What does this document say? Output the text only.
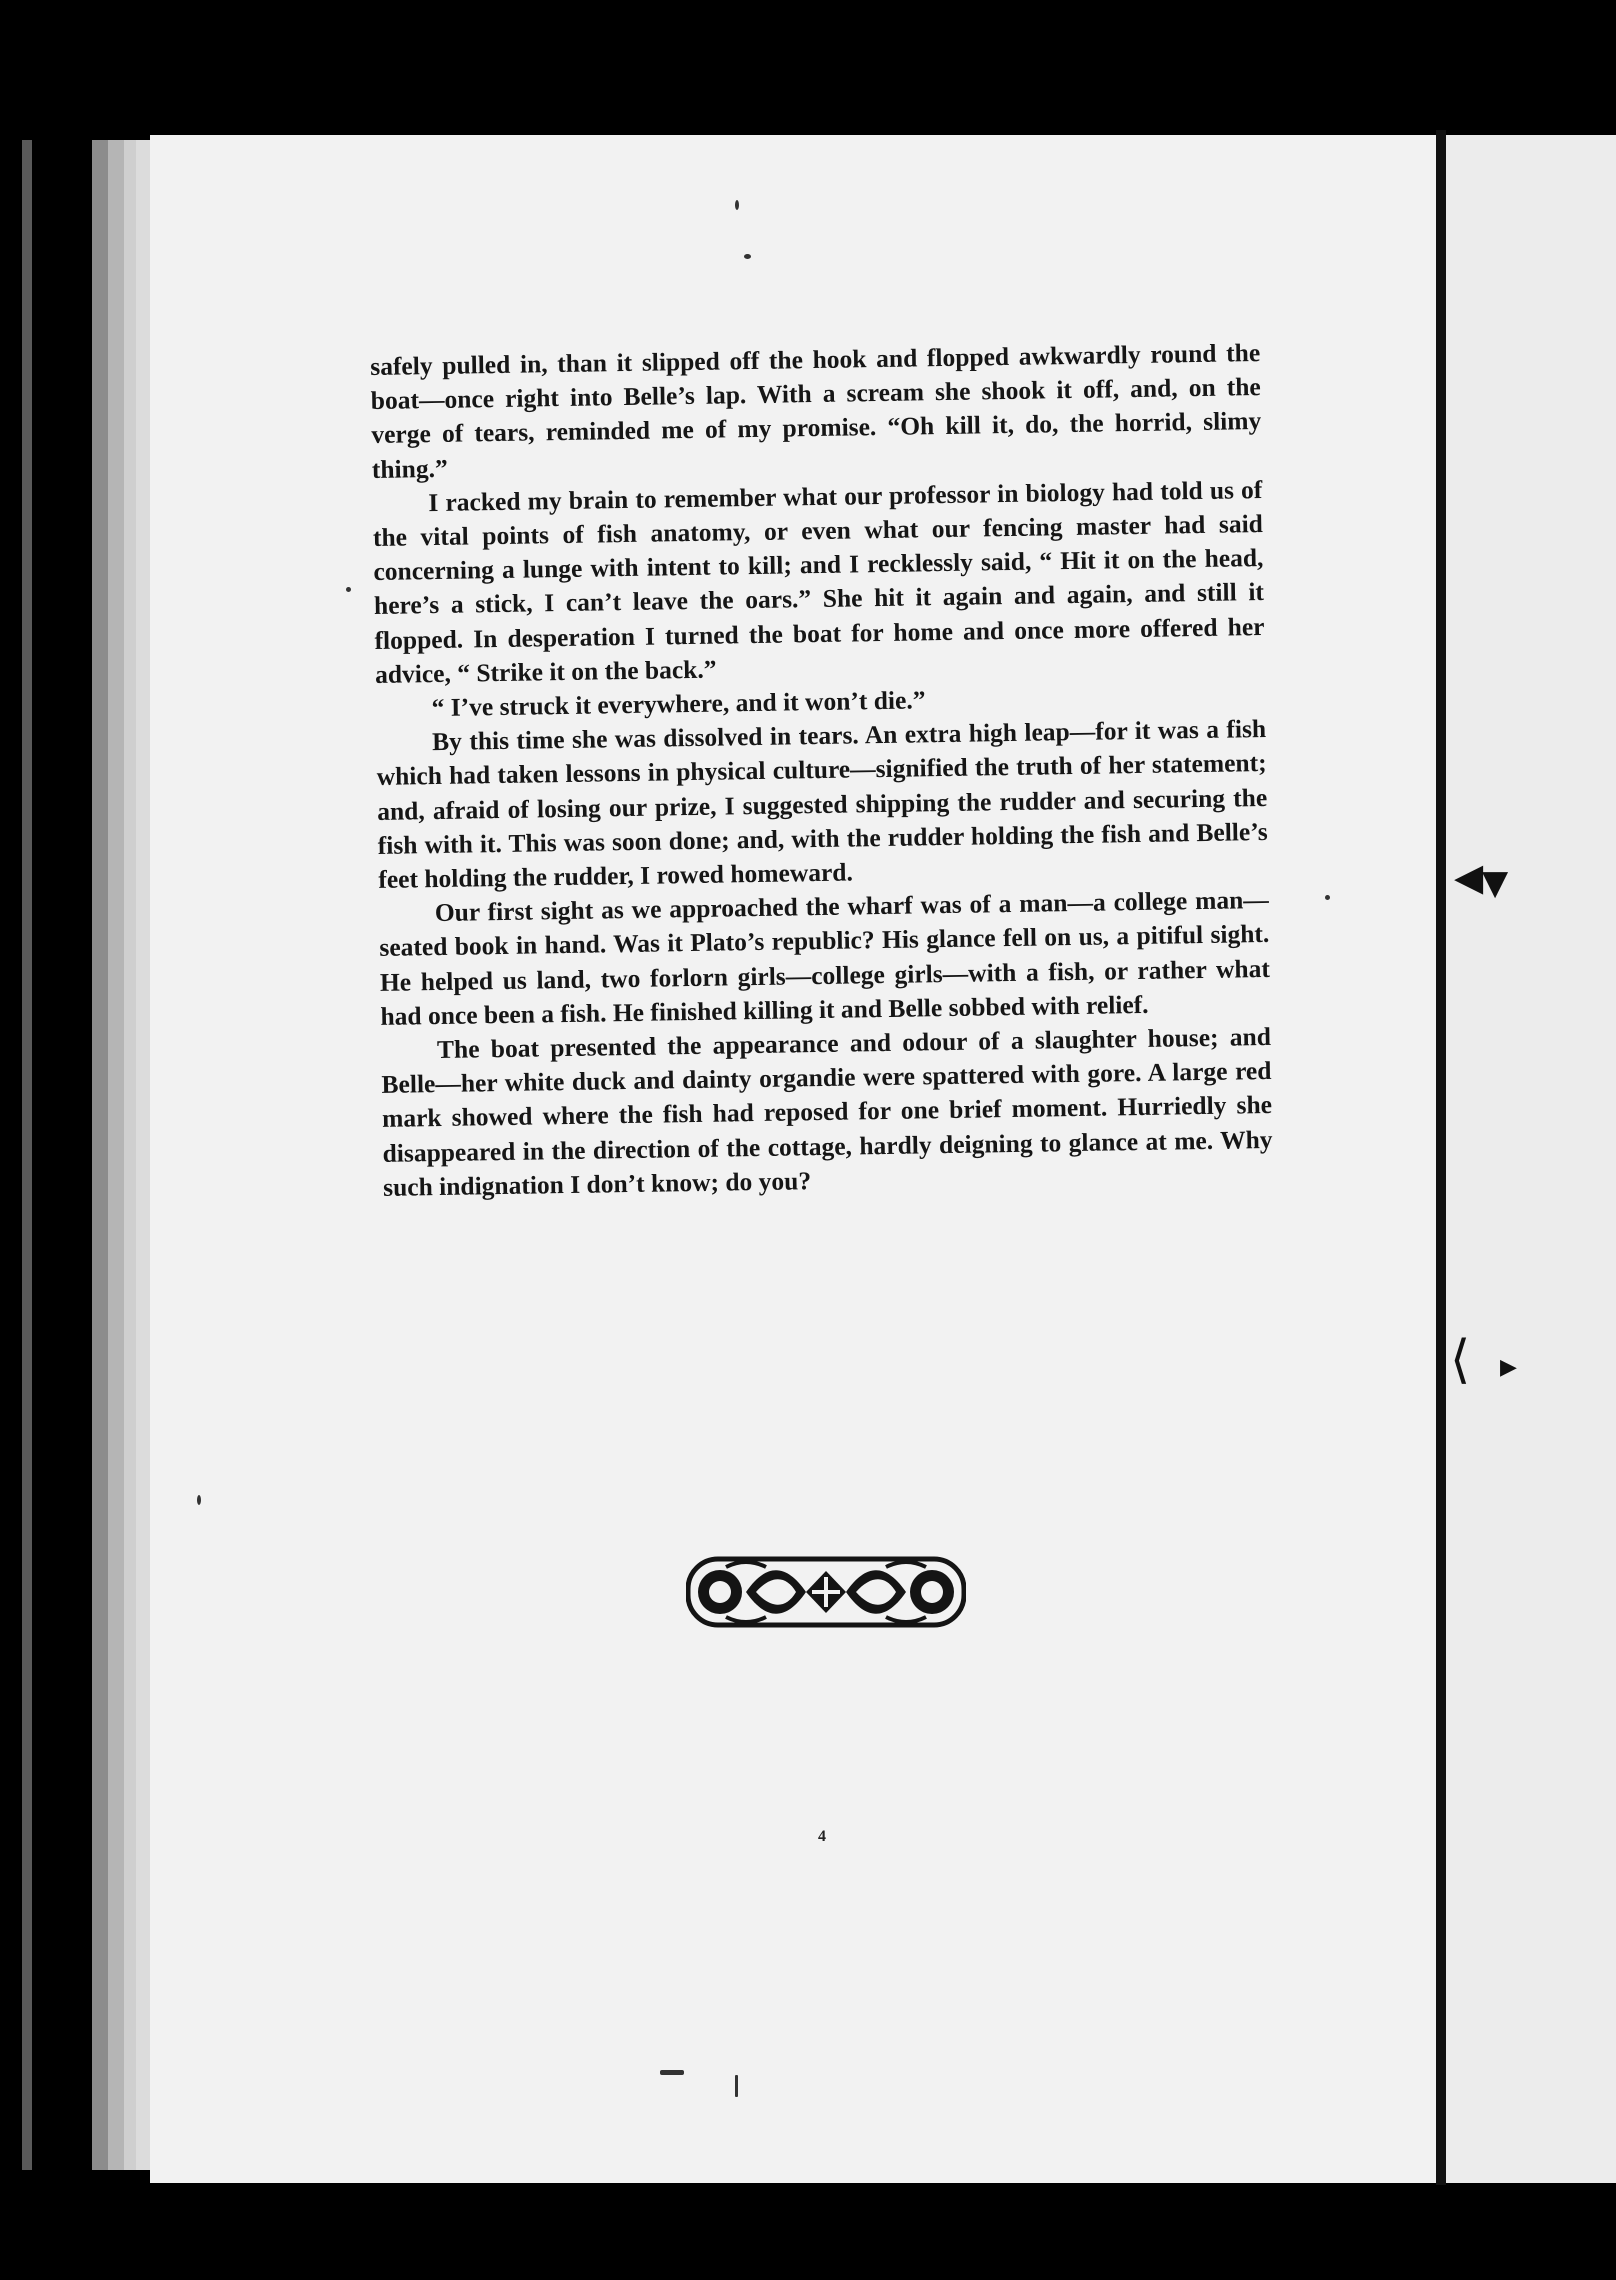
◀
▼
⟨ ▶

safely pulled in, than it slipped off the hook and flopped awkwardly round the boat—once right into Belle’s lap. With a scream she shook it off, and, on the verge of tears, reminded me of my promise. “Oh kill it, do, the horrid, slimy thing.”

I racked my brain to remember what our professor in biology had told us of the vital points of fish anatomy, or even what our fencing master had said concerning a lunge with intent to kill; and I recklessly said, “ Hit it on the head, here’s a stick, I can’t leave the oars.” She hit it again and again, and still it flopped. In desperation I turned the boat for home and once more offered her advice, “ Strike it on the back.”

“ I’ve struck it everywhere, and it won’t die.”

By this time she was dissolved in tears. An extra high leap—for it was a fish which had taken lessons in physical culture—signified the truth of her statement; and, afraid of losing our prize, I suggested shipping the rudder and securing the fish with it. This was soon done; and, with the rudder holding the fish and Belle’s feet holding the rudder, I rowed homeward.

Our first sight as we approached the wharf was of a man—a college man—seated book in hand. Was it Plato’s republic? His glance fell on us, a pitiful sight. He helped us land, two forlorn girls—college girls—with a fish, or rather what had once been a fish. He finished killing it and Belle sobbed with relief.

The boat presented the appearance and odour of a slaughter house; and Belle—her white duck and dainty organdie were spattered with gore. A large red mark showed where the fish had reposed for one brief moment. Hurriedly she disappeared in the direction of the cottage, hardly deigning to glance at me. Why such indignation I don’t know; do you?

4
